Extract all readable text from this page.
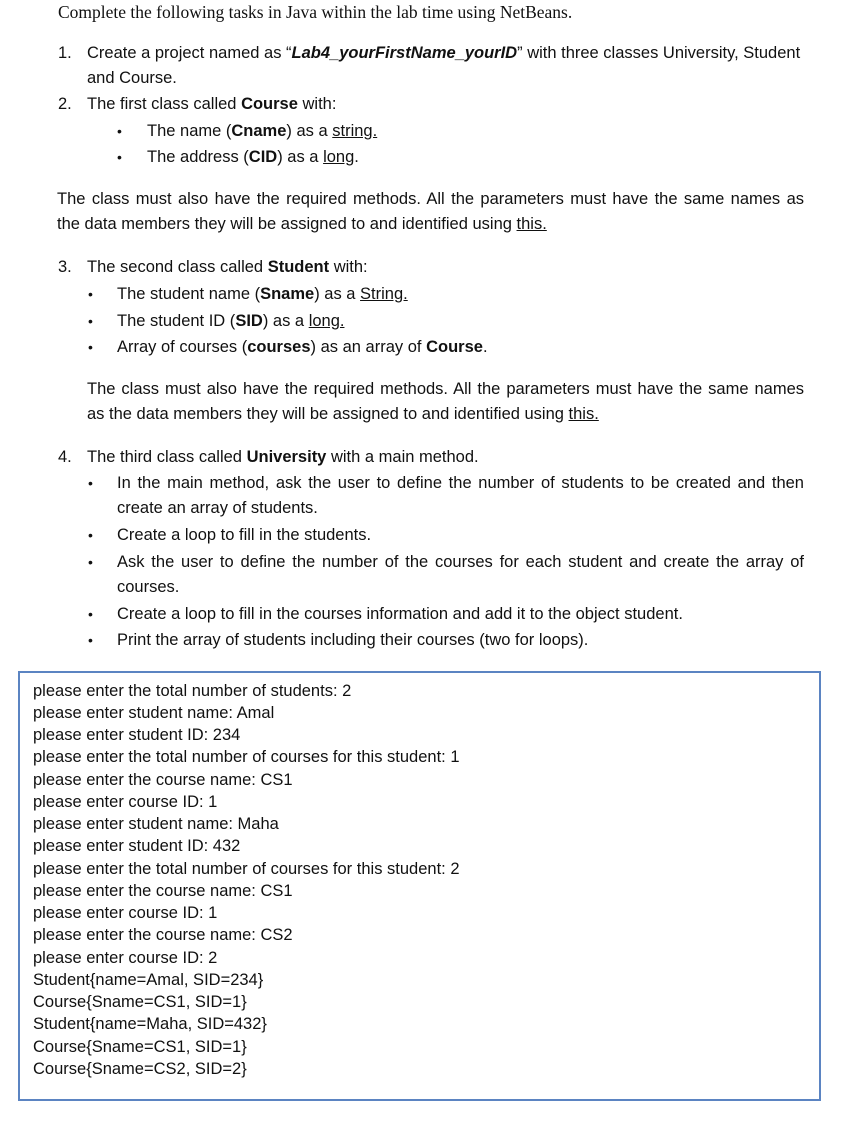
Complete the following tasks in Java within the lab time using NetBeans.
1. Create a project named as “Lab4_yourFirstName_yourID” with three classes University, Student
and Course.
2. The first class called Course with:
• The name (Cname) as a string.
• The address (CID) as a long.
The class must also have the required methods. All the parameters must have the same names as
the data members they will be assigned to and identified using this.
3. The second class called Student with:
• The student name (Sname) as a String.
• The student ID (SID) as a long.
• Array of courses (courses) as an array of Course.
The class must also have the required methods. All the parameters must have the same names
as the data members they will be assigned to and identified using this.
4. The third class called University with a main method.
• In the main method, ask the user to define the number of students to be created and then
create an array of students.
• Create a loop to fill in the students.
• Ask the user to define the number of the courses for each student and create the array of
courses.
• Create a loop to fill in the courses information and add it to the object student.
• Print the array of students including their courses (two for loops).
please enter the total number of students: 2
please enter student name: Amal
please enter student ID: 234
please enter the total number of courses for this student: 1
please enter the course name: CS1
please enter course ID: 1
please enter student name: Maha
please enter student ID: 432
please enter the total number of courses for this student: 2
please enter the course name: CS1
please enter course ID: 1
please enter the course name: CS2
please enter course ID: 2
Student{name=Amal, SID=234}
Course{Sname=CS1, SID=1}
Student{name=Maha, SID=432}
Course{Sname=CS1, SID=1}
Course{Sname=CS2, SID=2}
